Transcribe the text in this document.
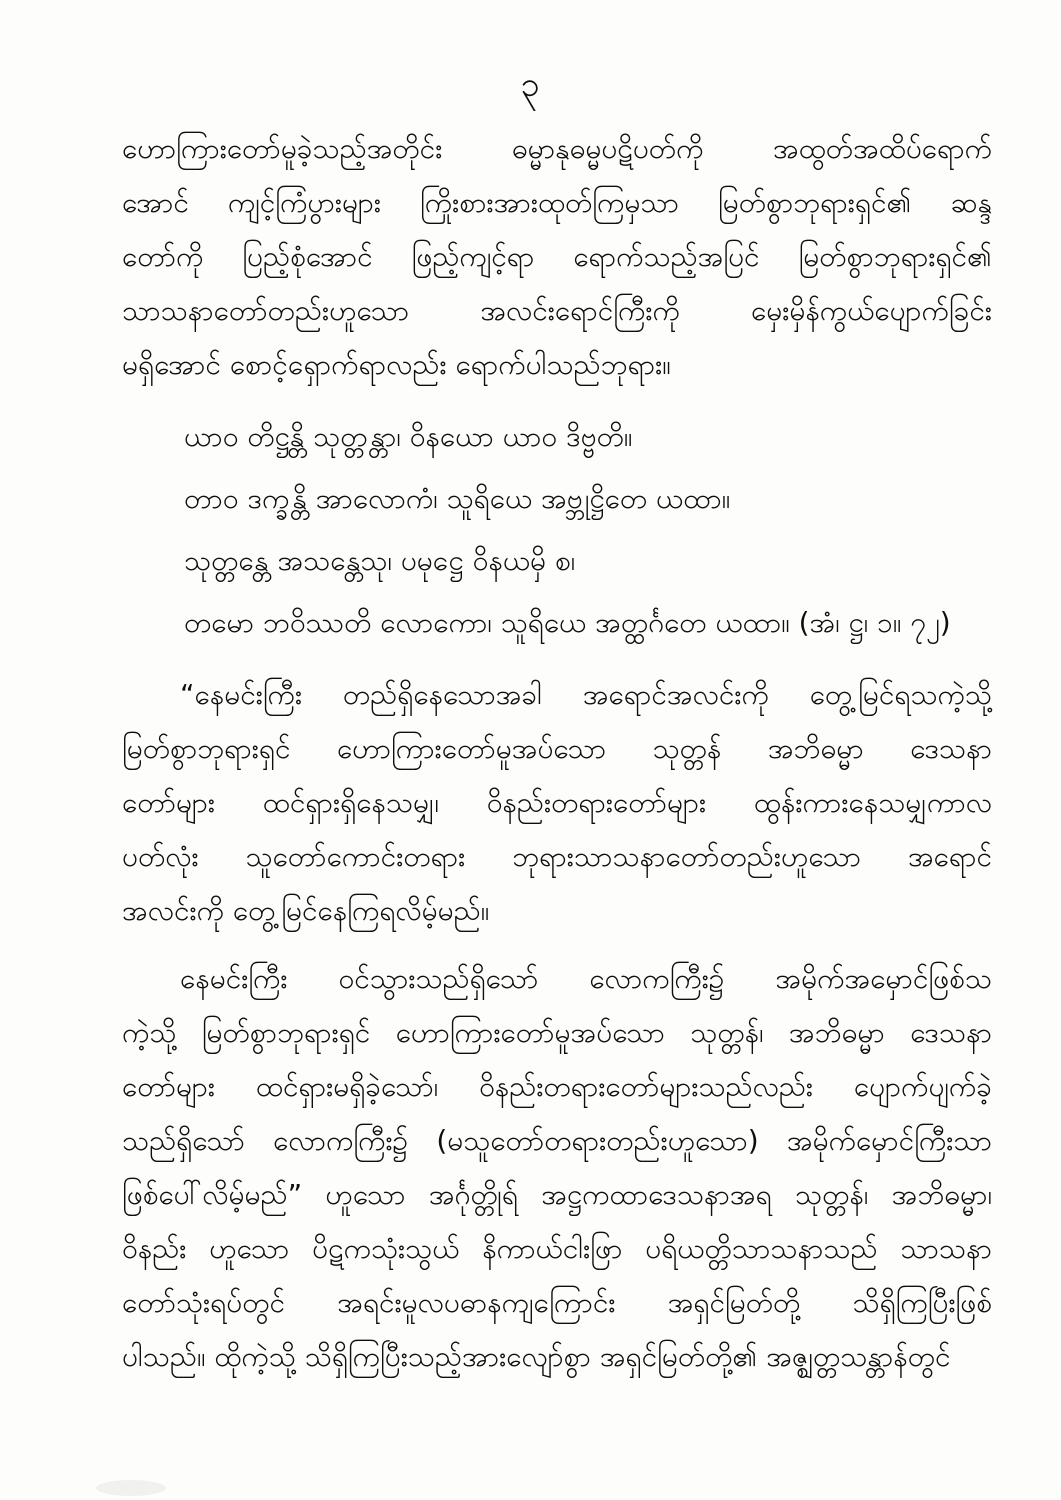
၃
ဟောကြားတော်မူခဲ့သည့်အတိုင်း ဓမ္မာနုဓမ္မပဋိပတ်ကို အထွတ်အထိပ်ရောက်
အောင် ကျင့်ကြံပွားများ ကြိုးစားအားထုတ်ကြမှသာ မြတ်စွာဘုရားရှင်၏ ဆန္ဒ
တော်ကို ပြည့်စုံအောင် ဖြည့်ကျင့်ရာ ရောက်သည့်အပြင် မြတ်စွာဘုရားရှင်၏
သာသနာတော်တည်းဟူသော အလင်းရောင်ကြီးကို မှေးမှိန်ကွယ်ပျောက်ခြင်း
မရှိအောင် စောင့်ရှောက်ရာလည်း ရောက်ပါသည်ဘုရား။
ယာဝ တိဋ္ဌန္တိ သုတ္တန္တာ၊ ဝိနယော ယာဝ ဒိဗ္ဗတိ။
တာဝ ဒက္ခန္တိ အာလောကံ၊ သူရိယေ အဗ္ဘုဋ္ဌိတေ ယထာ။
သုတ္တန္တေ အသန္တေသု၊ ပမုဋ္ဌေ ဝိနယမှိ စ၊
တမော ဘဝိဿတိ လောကော၊ သူရိယေ အတ္ထင်္ဂတေ ယထာ။ (အံ၊ ဋ္ဌ၊ ၁။ ၇၂)
“နေမင်းကြီး တည်ရှိနေသောအခါ အရောင်အလင်းကို တွေ့မြင်ရသကဲ့သို့
မြတ်စွာဘုရားရှင် ဟောကြားတော်မူအပ်သော သုတ္တန် အဘိဓမ္မာ ဒေသနာ
တော်များ ထင်ရှားရှိနေသမျှ၊ ဝိနည်းတရားတော်များ ထွန်းကားနေသမျှကာလ
ပတ်လုံး သူတော်ကောင်းတရား ဘုရားသာသနာတော်တည်းဟူသော အရောင်
အလင်းကို တွေ့မြင်နေကြရလိမ့်မည်။
နေမင်းကြီး ဝင်သွားသည်ရှိသော် လောကကြီး၌ အမိုက်အမှောင်ဖြစ်သ
ကဲ့သို့ မြတ်စွာဘုရားရှင် ဟောကြားတော်မူအပ်သော သုတ္တန်၊ အဘိဓမ္မာ ဒေသနာ
တော်များ ထင်ရှားမရှိခဲ့သော်၊ ဝိနည်းတရားတော်များသည်လည်း ပျောက်ပျက်ခဲ့
သည်ရှိသော် လောကကြီး၌ (မသူတော်တရားတည်းဟူသော) အမိုက်မှောင်ကြီးသာ
ဖြစ်ပေါ်လိမ့်မည်” ဟူသော အင်္ဂုတ္တိုရ် အဋ္ဌကထာဒေသနာအရ သုတ္တန်၊ အဘိဓမ္မာ၊
ဝိနည်း ဟူသော ပိဋကသုံးသွယ် နိကာယ်ငါးဖြာ ပရိယတ္တိသာသနာသည် သာသနာ
တော်သုံးရပ်တွင် အရင်းမူလပဓာနကျကြောင်း အရှင်မြတ်တို့ သိရှိကြပြီးဖြစ်
ပါသည်။ ထိုကဲ့သို့ သိရှိကြပြီးသည့်အားလျော်စွာ အရှင်မြတ်တို့၏ အဇ္ဈတ္တသန္တာန်တွင်
